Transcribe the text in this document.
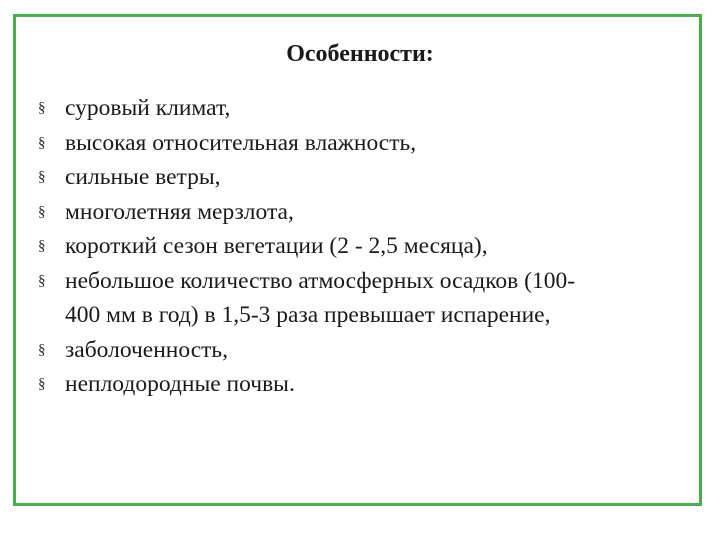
Особенности:
§ суровый климат,
§ высокая относительная влажность,
§ сильные ветры,
§ многолетняя мерзлота,
§ короткий сезон вегетации (2 - 2,5 месяца),
§ небольшое количество атмосферных осадков (100-
400 мм в год) в 1,5-3 раза превышает испарение,
§ заболоченность,
§ неплодородные почвы.
